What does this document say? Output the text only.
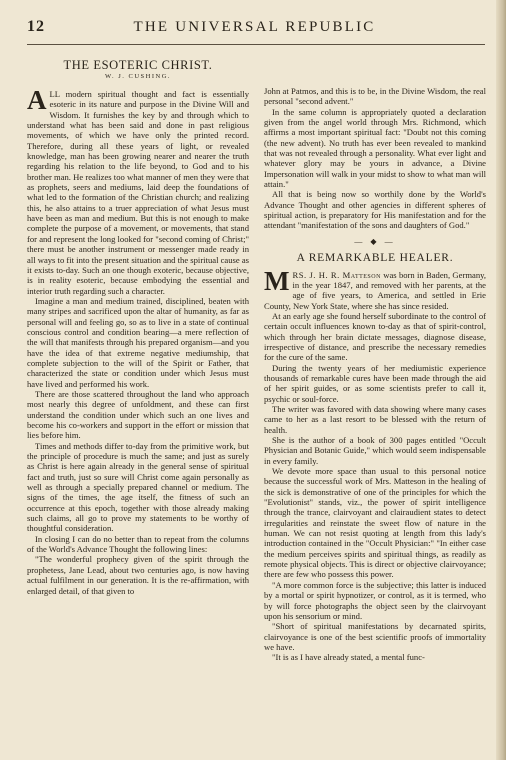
12	THE UNIVERSAL REPUBLIC
THE ESOTERIC CHRIST.
W. J. CUSHING.

ALL modern spiritual thought and fact is essentially esoteric in its nature and purpose in the Divine Will and Wisdom. It furnishes the key by and through which to understand what has been said and done in past religious movements, of which we have only the printed record. Therefore, during all these years of light, or revealed knowledge, man has been growing nearer and nearer the truth regarding his relation to the life beyond, to God and to his brother man. He realizes too what manner of men they were that as prophets, seers and mediums, laid deep the foundations of what led to the formation of the Christian church; and realizing this, he also attains to a truer appreciation of what Jesus must have been as man and medium. But this is not enough to make complete the purpose of a movement, or movements, that stand for and represent the long looked for "second coming of Christ;" there must be another instrument or messenger made ready in all ways to fit into the present situation and the spiritual cause as it exists to-day. Such an one though exoteric, because objective, is in reality esoteric, because embodying the essential and interior truth regarding such a character.

Imagine a man and medium trained, disciplined, beaten with many stripes and sacrificed upon the altar of humanity, as far as personal will and feeling go, so as to live in a state of continual conscious control and condition bearing—a mere reflection of the will that manifests through his prepared organism—and you have the idea of that extreme negative mediumship, that complete subjection to the will of the Spirit or Father, that characterized the state or condition under which Jesus must have lived and performed his work.

There are those scattered throughout the land who approach most nearly this degree of unfoldment, and these can first understand the condition under which such an one lives and become his co-workers and support in the effort or mission that lies before him.

Times and methods differ to-day from the primitive work, but the principle of procedure is much the same; and just as surely as Christ is here again already in the general sense of spiritual fact and truth, just so sure will Christ come again personally as well as through a specially prepared channel or medium. The signs of the times, the age itself, the fitness of such an occurrence at this epoch, together with those already making such claims, all go to prove my statements to be worthy of thoughtful consideration.

In closing I can do no better than to repeat from the columns of the World's Advance Thought the following lines:

"The wonderful prophecy given of the spirit through the prophetess, Jane Lead, about two centuries ago, is now having actual fulfilment in our generation. It is the re-affirmation, with enlarged detail, of that given to

John at Patmos, and this is to be, in the Divine Wisdom, the real personal "second advent."

In the same column is appropriately quoted a declaration given from the angel world through Mrs. Richmond, which affirms a most important spiritual fact: "Doubt not this coming (the new advent). No truth has ever been revealed to mankind that was not revealed through a personality. What ever light and whatever glory may be yours in advance, a Divine Impersonation will walk in your midst to show to what man will attain."

All that is being now so worthily done by the World's Advance Thought and other agencies in different spheres of spiritual action, is preparatory for His manifestation and for the attendant "manifestation of the sons and daughters of God."

— ◆ —
A REMARKABLE HEALER.

MRS. J. H. R. Matteson was born in Baden, Germany, in the year 1847, and removed with her parents, at the age of five years, to America, and settled in Erie County, New York State, where she has since resided.

At an early age she found herself subordinate to the control of certain occult influences known to-day as that of spirit-control, which through her brain dictate messages, diagnose disease, irrespective of distance, and prescribe the necessary remedies for the cure of the same.

During the twenty years of her mediumistic experience thousands of remarkable cures have been made through the aid of her spirit guides, or as some scientists prefer to call it, psychic or soul-force.

The writer was favored with data showing where many cases came to her as a last resort to be blessed with the return of health.

She is the author of a book of 300 pages entitled "Occult Physician and Botanic Guide," which would seem indispensable in every family.

We devote more space than usual to this personal notice because the successful work of Mrs. Matteson in the healing of the sick is demonstrative of one of the principles for which the "Evolutionist" stands, viz., the power of spirit intelligence through the trance, clairvoyant and clairaudient states to detect irregularities and reinstate the sweet flow of nature in the human. We can not resist quoting at length from this lady's introduction contained in the "Occult Physician:" "In either case the medium perceives spirits and spiritual things, as readily as remote physical objects. This is direct or objective clairvoyance; there are few who possess this power.

"A more common force is the subjective; this latter is induced by a mortal or spirit hypnotizer, or control, as it is termed, who by will force photographs the object seen by the clairvoyant upon his sensorium or mind.

"Short of spiritual manifestations by decarnated spirits, clairvoyance is one of the best scientific proofs of immortality we have.

"It is as I have already stated, a mental func-
